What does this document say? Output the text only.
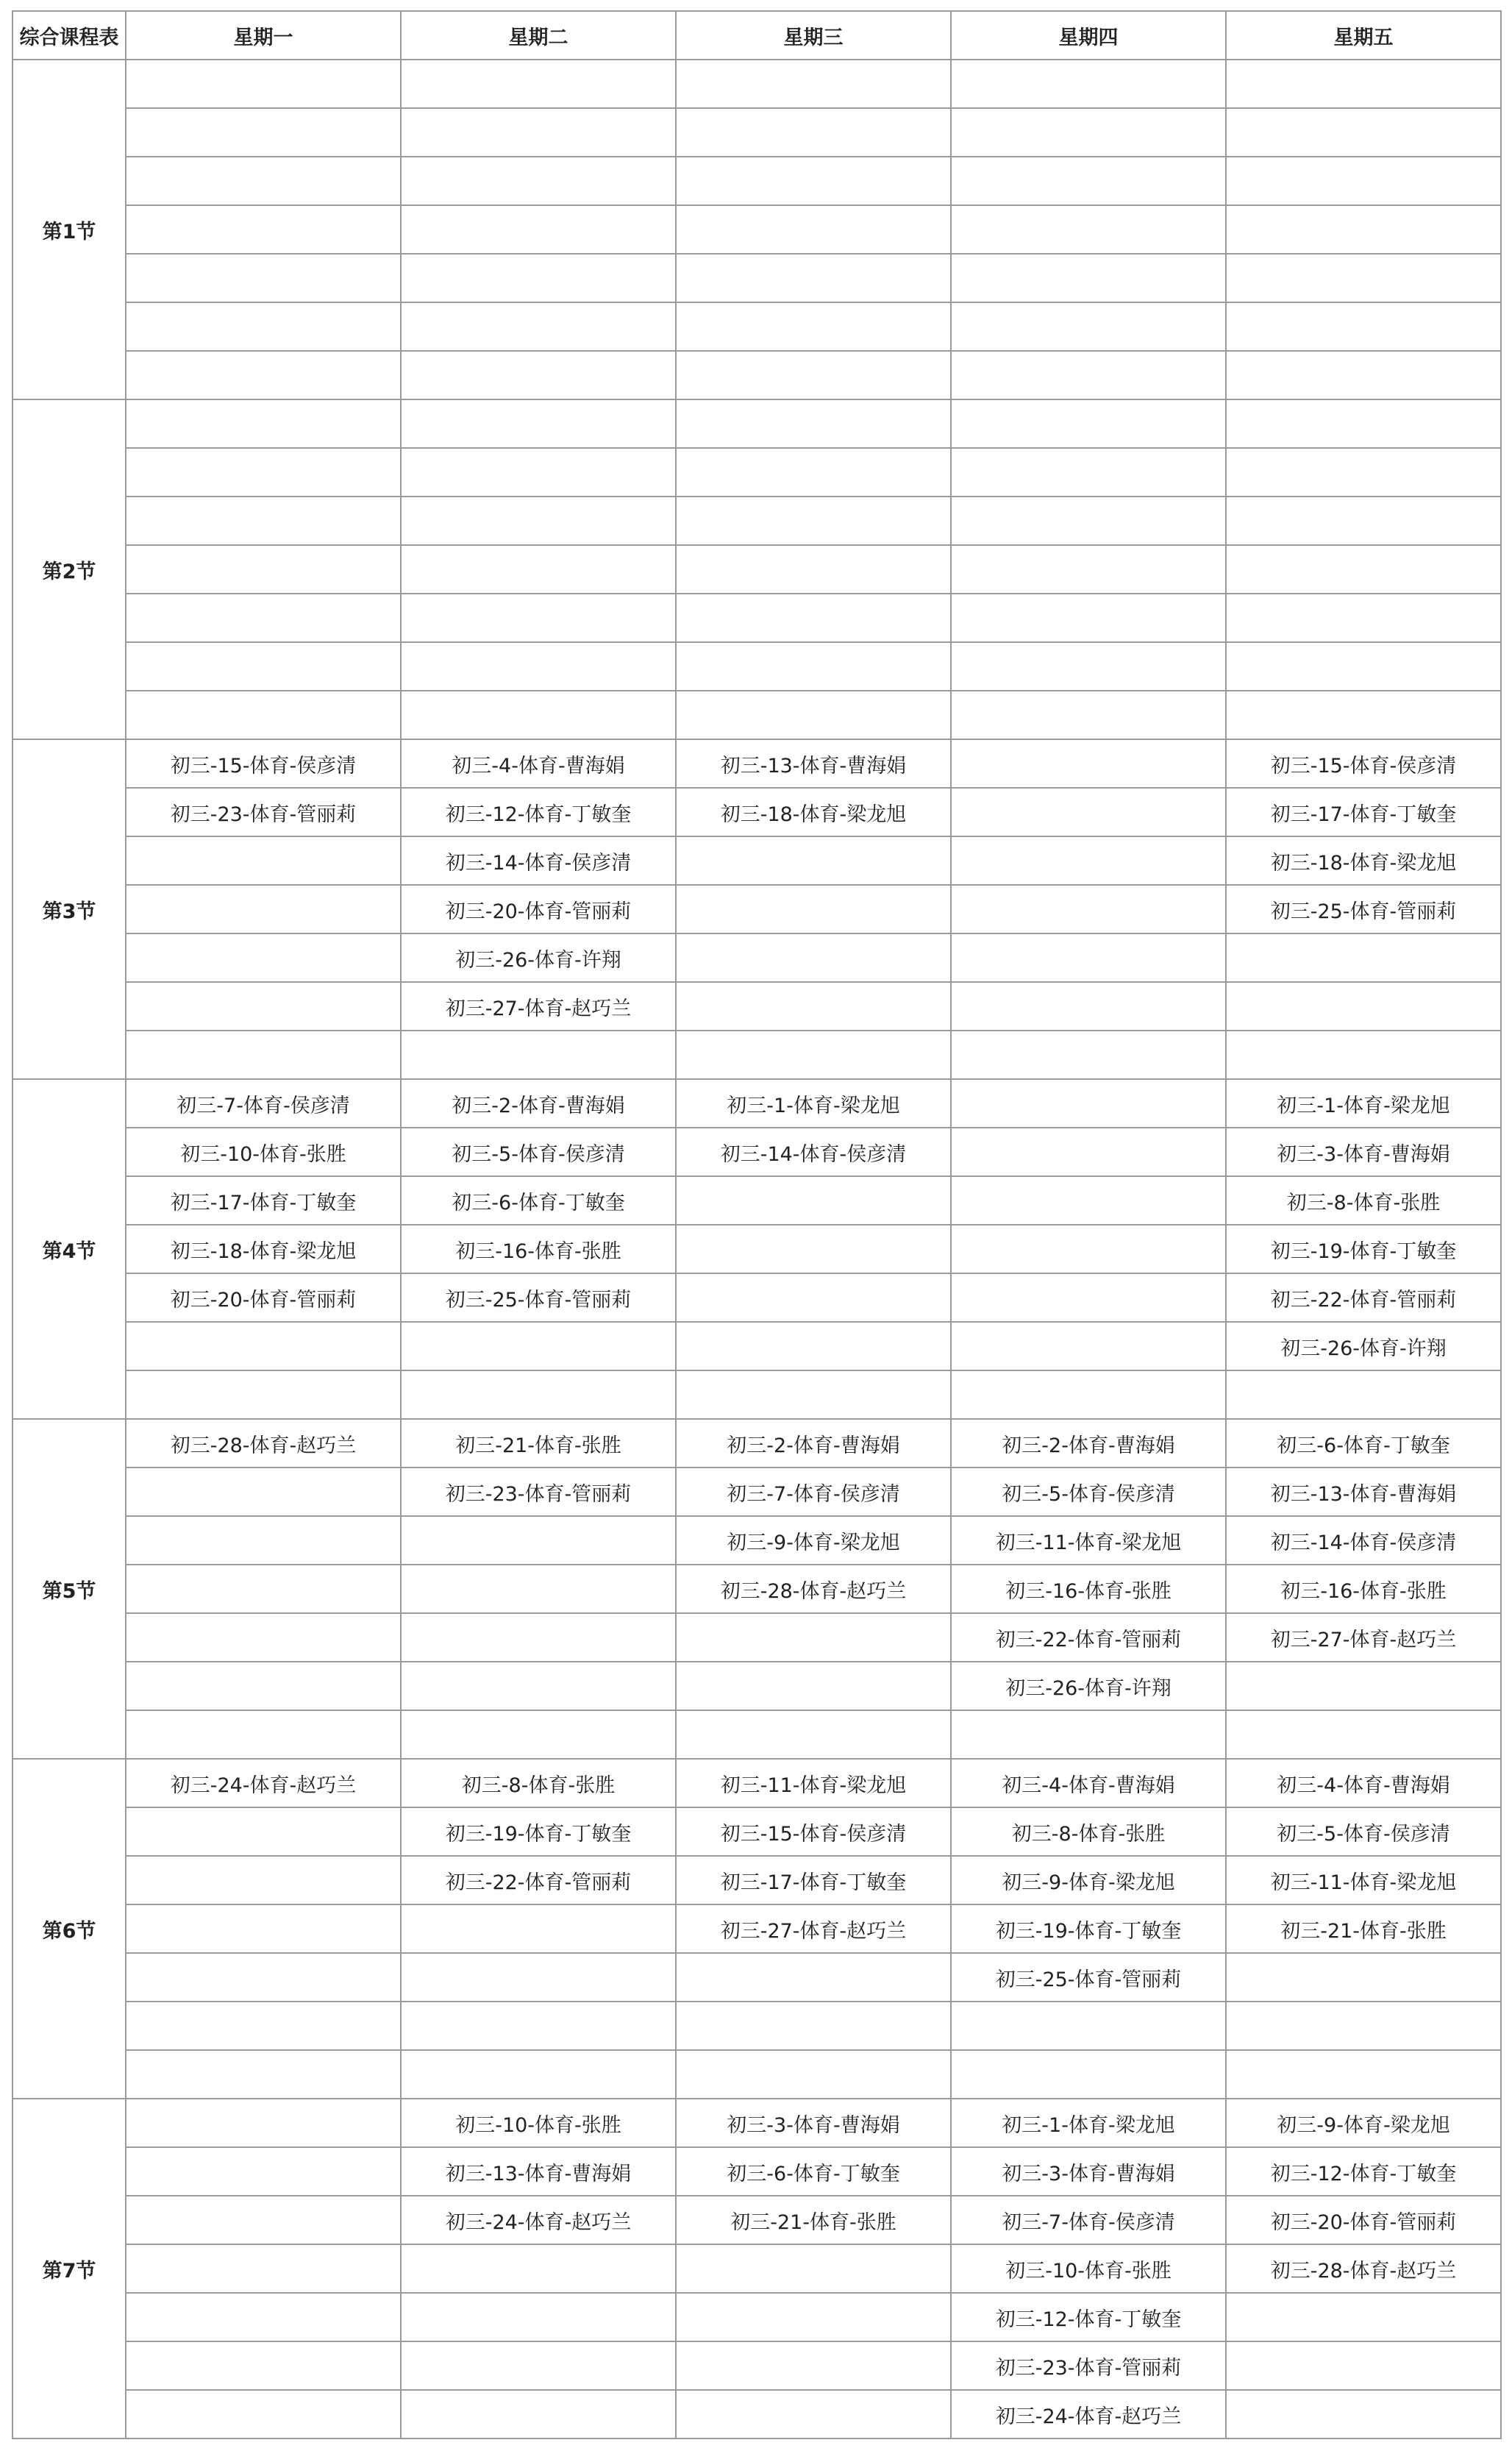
综合课程表	星期一	星期二	星期三	星期四	星期五
第1节					

第2节					

第3节	初三-15-体育-侯彦清	初三-4-体育-曹海娟	初三-13-体育-曹海娟		初三-15-体育-侯彦清
	初三-23-体育-管丽莉	初三-12-体育-丁敏奎	初三-18-体育-梁龙旭		初三-17-体育-丁敏奎
		初三-14-体育-侯彦清			初三-18-体育-梁龙旭
		初三-20-体育-管丽莉			初三-25-体育-管丽莉
		初三-26-体育-许翔			
		初三-27-体育-赵巧兰			

第4节	初三-7-体育-侯彦清	初三-2-体育-曹海娟	初三-1-体育-梁龙旭		初三-1-体育-梁龙旭
	初三-10-体育-张胜	初三-5-体育-侯彦清	初三-14-体育-侯彦清		初三-3-体育-曹海娟
	初三-17-体育-丁敏奎	初三-6-体育-丁敏奎			初三-8-体育-张胜
	初三-18-体育-梁龙旭	初三-16-体育-张胜			初三-19-体育-丁敏奎
	初三-20-体育-管丽莉	初三-25-体育-管丽莉			初三-22-体育-管丽莉
					初三-26-体育-许翔

第5节	初三-28-体育-赵巧兰	初三-21-体育-张胜	初三-2-体育-曹海娟	初三-2-体育-曹海娟	初三-6-体育-丁敏奎
		初三-23-体育-管丽莉	初三-7-体育-侯彦清	初三-5-体育-侯彦清	初三-13-体育-曹海娟
			初三-9-体育-梁龙旭	初三-11-体育-梁龙旭	初三-14-体育-侯彦清
			初三-28-体育-赵巧兰	初三-16-体育-张胜	初三-16-体育-张胜
				初三-22-体育-管丽莉	初三-27-体育-赵巧兰
				初三-26-体育-许翔	

第6节	初三-24-体育-赵巧兰	初三-8-体育-张胜	初三-11-体育-梁龙旭	初三-4-体育-曹海娟	初三-4-体育-曹海娟
		初三-19-体育-丁敏奎	初三-15-体育-侯彦清	初三-8-体育-张胜	初三-5-体育-侯彦清
		初三-22-体育-管丽莉	初三-17-体育-丁敏奎	初三-9-体育-梁龙旭	初三-11-体育-梁龙旭
			初三-27-体育-赵巧兰	初三-19-体育-丁敏奎	初三-21-体育-张胜
				初三-25-体育-管丽莉	

第7节		初三-10-体育-张胜	初三-3-体育-曹海娟	初三-1-体育-梁龙旭	初三-9-体育-梁龙旭
		初三-13-体育-曹海娟	初三-6-体育-丁敏奎	初三-3-体育-曹海娟	初三-12-体育-丁敏奎
		初三-24-体育-赵巧兰	初三-21-体育-张胜	初三-7-体育-侯彦清	初三-20-体育-管丽莉
				初三-10-体育-张胜	初三-28-体育-赵巧兰
				初三-12-体育-丁敏奎	
				初三-23-体育-管丽莉	
				初三-24-体育-赵巧兰	
